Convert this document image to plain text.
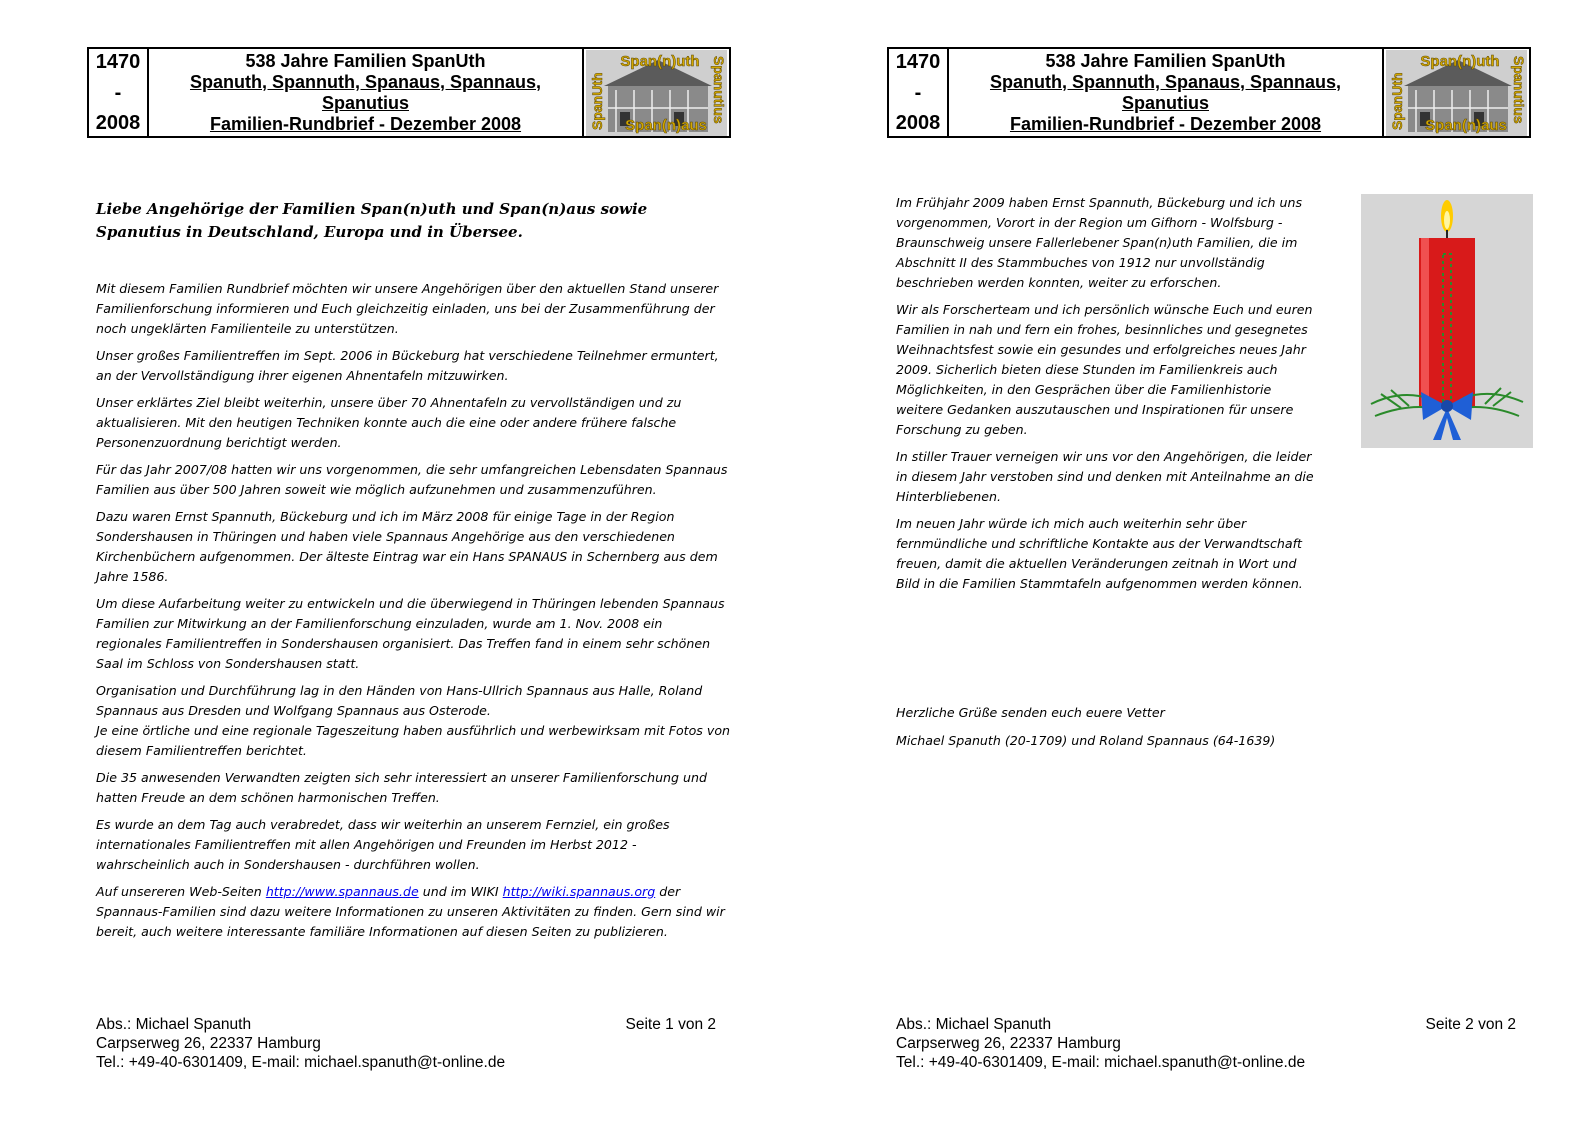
1470
-
2008
538 Jahre Familien SpanUth
Spanuth, Spannuth, Spanaus, Spannaus,
Spanutius
Familien-Rundbrief - Dezember 2008
Span(n)uth
Span(n)aus
SpanUth	Spanutius	1470
-
2008
538 Jahre Familien SpanUth
Spanuth, Spannuth, Spanaus, Spannaus,
Spanutius
Familien-Rundbrief - Dezember 2008
Span(n)uth
Span(n)aus
SpanUth	Spanutius
Liebe Angehörige der Familien Span(n)uth und Span(n)aus sowie Spanutius in Deutschland, Europa und in Übersee.

Mit diesem Familien Rundbrief möchten wir unsere Angehörigen über den aktuellen Stand unserer Familienforschung informieren und Euch gleichzeitig einladen, uns bei der Zusammenführung der noch ungeklärten Familienteile zu unterstützen.

Unser großes Familientreffen im Sept. 2006 in Bückeburg hat verschiedene Teilnehmer ermuntert, an der Vervollständigung ihrer eigenen Ahnentafeln mitzuwirken.

Unser erklärtes Ziel bleibt weiterhin, unsere über 70 Ahnentafeln zu vervollständigen und zu aktualisieren. Mit den heutigen Techniken konnte auch die eine oder andere frühere falsche Personenzuordnung berichtigt werden.

Für das Jahr 2007/08 hatten wir uns vorgenommen, die sehr umfangreichen Lebensdaten Spannaus Familien aus über 500 Jahren soweit wie möglich aufzunehmen und zusammenzuführen.

Dazu waren Ernst Spannuth, Bückeburg und ich im März 2008 für einige Tage in der Region Sondershausen in Thüringen und haben viele Spannaus Angehörige aus den verschiedenen Kirchenbüchern aufgenommen. Der älteste Eintrag war ein Hans SPANAUS in Schernberg aus dem Jahre 1586.

Um diese Aufarbeitung weiter zu entwickeln und die überwiegend in Thüringen lebenden Spannaus Familien zur Mitwirkung an der Familienforschung einzuladen, wurde am 1. Nov. 2008 ein regionales Familientreffen in Sondershausen organisiert. Das Treffen fand in einem sehr schönen Saal im Schloss von Sondershausen statt.

Organisation und Durchführung lag in den Händen von Hans-Ullrich Spannaus aus Halle, Roland Spannaus aus Dresden und Wolfgang Spannaus aus Osterode.

Je eine örtliche und eine regionale Tageszeitung haben ausführlich und werbewirksam mit Fotos von diesem Familientreffen berichtet.

Die 35 anwesenden Verwandten zeigten sich sehr interessiert an unserer Familienforschung und hatten Freude an dem schönen harmonischen Treffen.

Es wurde an dem Tag auch verabredet, dass wir weiterhin an unserem Fernziel, ein großes internationales Familientreffen mit allen Angehörigen und Freunden im Herbst 2012 - wahrscheinlich auch in Sondershausen - durchführen wollen.

Auf unsereren Web-Seiten http://www.spannaus.de und im WIKI http://wiki.spannaus.org der Spannaus-Familien sind dazu weitere Informationen zu unseren Aktivitäten zu finden. Gern sind wir bereit, auch weitere interessante familiäre Informationen auf diesen Seiten zu publizieren.

Abs.: Michael Spanuth
Carpserweg 26, 22337 Hamburg
Tel.: +49-40-6301409, E-mail: michael.spanuth@t-online.de
Seite 1 von 2

Im Frühjahr 2009 haben Ernst Spannuth, Bückeburg und ich uns vorgenommen, Vorort in der Region um Gifhorn - Wolfsburg - Braunschweig unsere Fallerlebener Span(n)uth Familien, die im Abschnitt II des Stammbuches von 1912 nur unvollständig beschrieben werden konnten, weiter zu erforschen.

Wir als Forscherteam und ich persönlich wünsche Euch und euren Familien in nah und fern ein frohes, besinnliches und gesegnetes Weihnachtsfest sowie ein gesundes und erfolgreiches neues Jahr 2009. Sicherlich bieten diese Stunden im Familienkreis auch Möglichkeiten, in den Gesprächen über die Familienhistorie weitere Gedanken auszutauschen und Inspirationen für unsere Forschung zu geben.

In stiller Trauer verneigen wir uns vor den Angehörigen, die leider in diesem Jahr verstoben sind und denken mit Anteilnahme an die Hinterbliebenen.

Im neuen Jahr würde ich mich auch weiterhin sehr über fernmündliche und schriftliche Kontakte aus der Verwandtschaft freuen, damit die aktuellen Veränderungen zeitnah in Wort und Bild in die Familien Stammtafeln aufgenommen werden können.

Herzliche Grüße senden euch euere Vetter

Michael Spanuth (20-1709) und Roland Spannaus (64-1639)

Abs.: Michael Spanuth
Carpserweg 26, 22337 Hamburg
Tel.: +49-40-6301409, E-mail: michael.spanuth@t-online.de
Seite 2 von 2
